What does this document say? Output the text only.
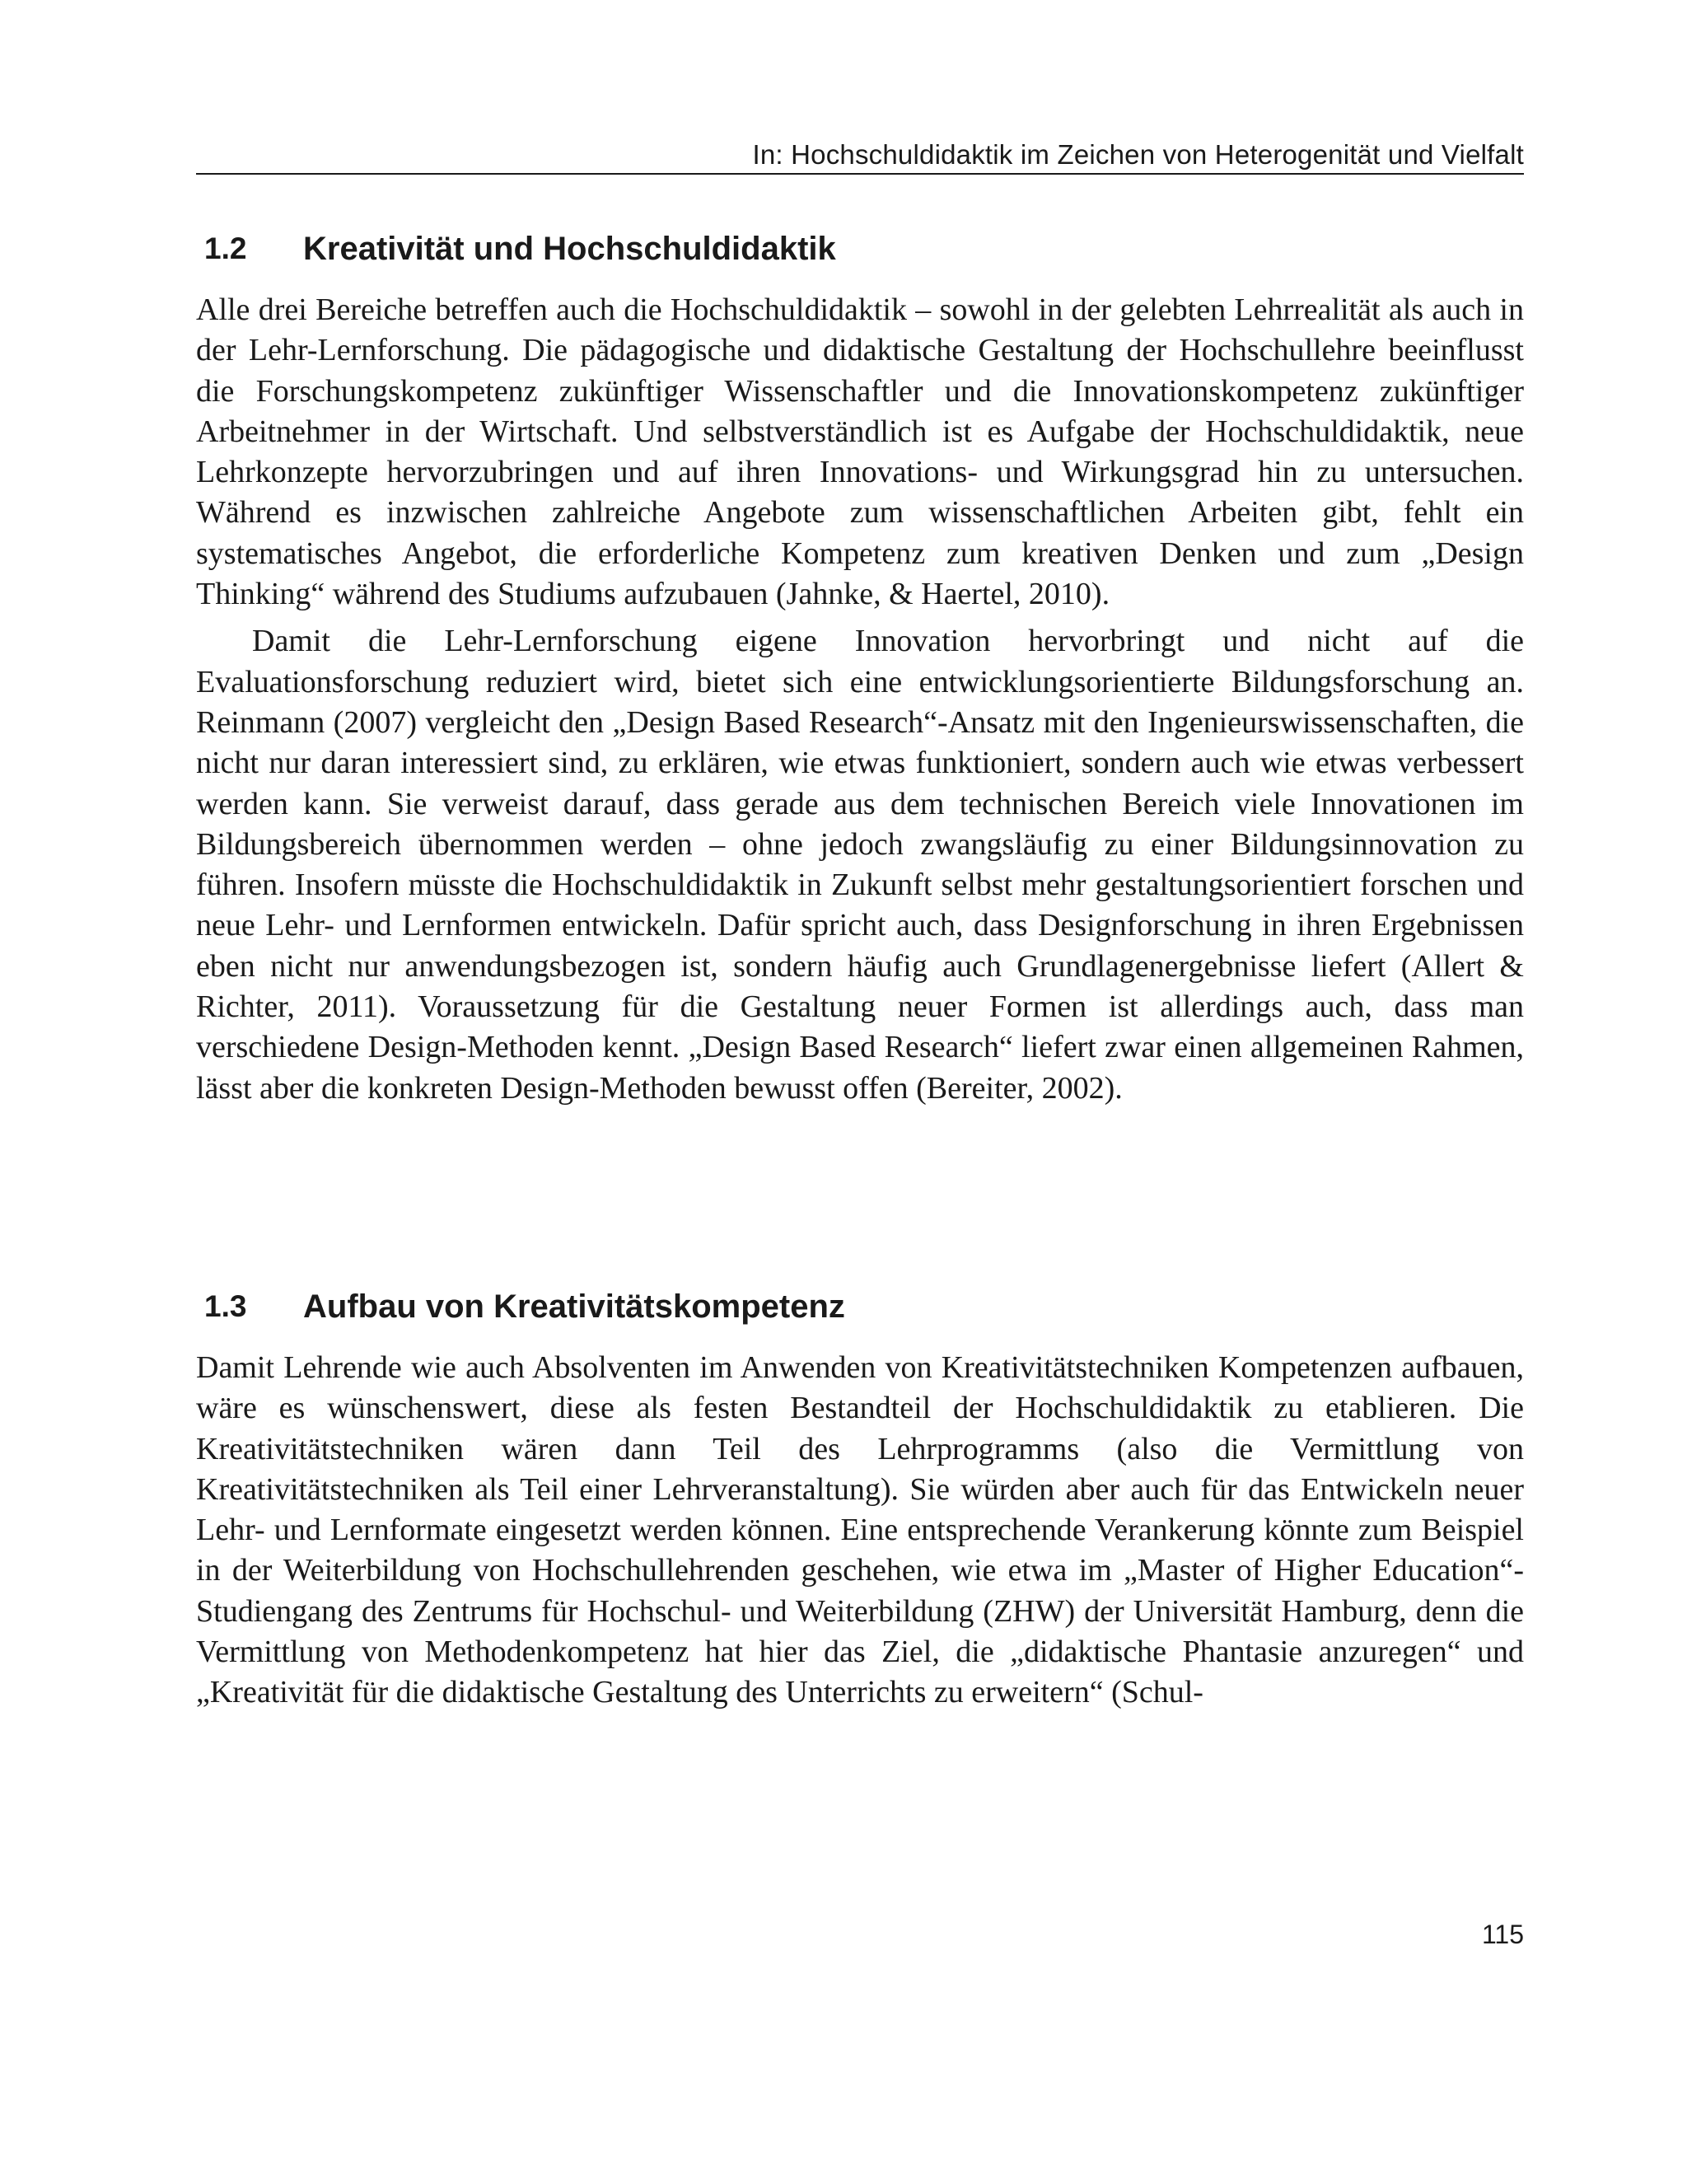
In: Hochschuldidaktik im Zeichen von Heterogenität und Vielfalt
1.2	Kreativität und Hochschuldidaktik

Alle drei Bereiche betreffen auch die Hochschuldidaktik – sowohl in der gelebten Lehrrealität als auch in der Lehr-Lernforschung. Die pädagogische und didaktische Gestaltung der Hochschullehre beeinflusst die Forschungskompetenz zukünftiger Wissenschaftler und die Innovationskompetenz zukünftiger Arbeitnehmer in der Wirtschaft. Und selbstverständlich ist es Aufgabe der Hochschuldidaktik, neue Lehrkonzepte hervorzubringen und auf ihren Innovations- und Wirkungsgrad hin zu untersuchen. Während es inzwischen zahlreiche Angebote zum wissenschaftlichen Arbeiten gibt, fehlt ein systematisches Angebot, die erforderliche Kompetenz zum kreativen Denken und zum „Design Thinking“ während des Studiums aufzubauen (Jahnke, & Haertel, 2010).

Damit die Lehr-Lernforschung eigene Innovation hervorbringt und nicht auf die Evaluationsforschung reduziert wird, bietet sich eine entwicklungsorientierte Bildungsforschung an. Reinmann (2007) vergleicht den „Design Based Research“-Ansatz mit den Ingenieurswissenschaften, die nicht nur daran interessiert sind, zu erklären, wie etwas funktioniert, sondern auch wie etwas verbessert werden kann. Sie verweist darauf, dass gerade aus dem technischen Bereich viele Innovationen im Bildungsbereich übernommen werden – ohne jedoch zwangsläufig zu einer Bildungsinnovation zu führen. Insofern müsste die Hochschuldidaktik in Zukunft selbst mehr gestaltungsorientiert forschen und neue Lehr- und Lernformen entwickeln. Dafür spricht auch, dass Designforschung in ihren Ergebnissen eben nicht nur anwendungsbezogen ist, sondern häufig auch Grundlagenergebnisse liefert (Allert & Richter, 2011). Voraussetzung für die Gestaltung neuer Formen ist allerdings auch, dass man verschiedene Design-Methoden kennt. „Design Based Research“ liefert zwar einen allgemeinen Rahmen, lässt aber die konkreten Design-Methoden bewusst offen (Bereiter, 2002).

1.3	Aufbau von Kreativitätskompetenz

Damit Lehrende wie auch Absolventen im Anwenden von Kreativitätstechniken Kompetenzen aufbauen, wäre es wünschenswert, diese als festen Bestandteil der Hochschuldidaktik zu etablieren. Die Kreativitätstechniken wären dann Teil des Lehrprogramms (also die Vermittlung von Kreativitätstechniken als Teil einer Lehrveranstaltung). Sie würden aber auch für das Entwickeln neuer Lehr- und Lernformate eingesetzt werden können. Eine entsprechende Verankerung könnte zum Beispiel in der Weiterbildung von Hochschullehrenden geschehen, wie etwa im „Master of Higher Education“-Studiengang des Zentrums für Hochschul- und Weiterbildung (ZHW) der Universität Hamburg, denn die Vermittlung von Methodenkompetenz hat hier das Ziel, die „didaktische Phantasie anzuregen“ und „Kreativität für die didaktische Gestaltung des Unterrichts zu erweitern“ (Schul-

115
